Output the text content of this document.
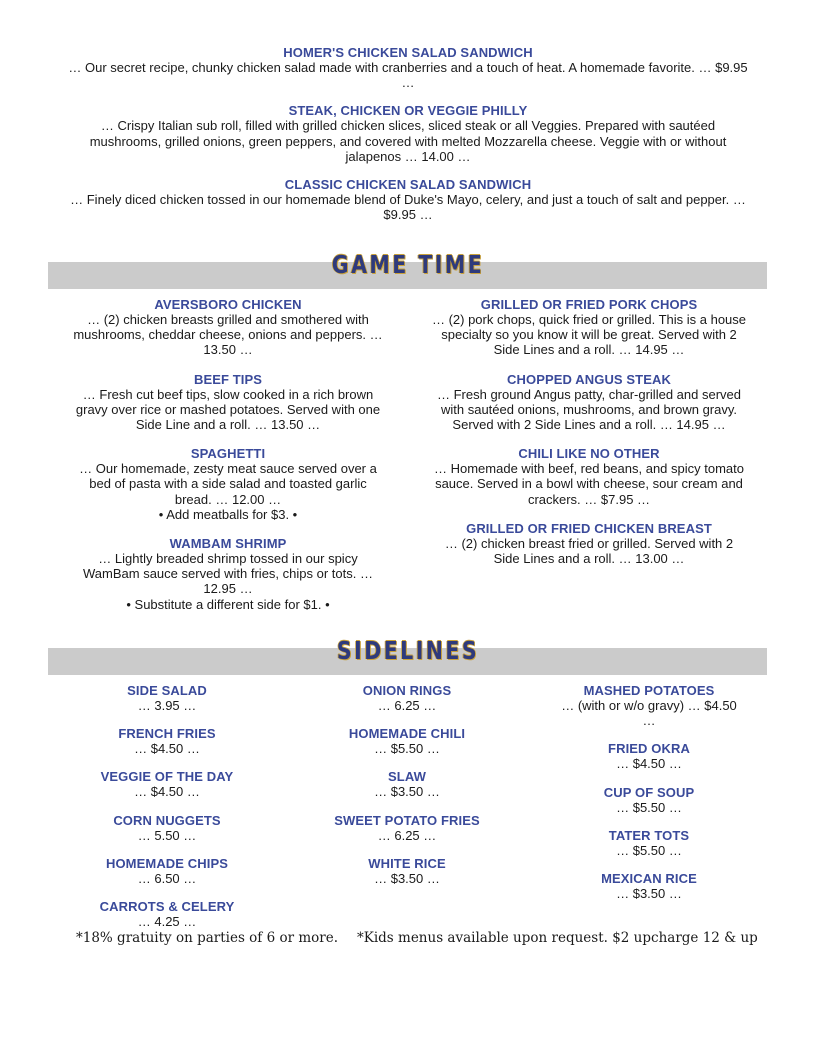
HOMER'S CHICKEN SALAD SANDWICH
… Our secret recipe, chunky chicken salad made with cranberries and a touch of heat. A homemade favorite. … $9.95 …
STEAK, CHICKEN OR VEGGIE PHILLY
… Crispy Italian sub roll, filled with grilled chicken slices, sliced steak or all Veggies. Prepared with sautéed mushrooms, grilled onions, green peppers, and covered with melted Mozzarella cheese. Veggie with or without jalapenos … 14.00 …
CLASSIC CHICKEN SALAD SANDWICH
… Finely diced chicken tossed in our homemade blend of Duke's Mayo, celery, and just a touch of salt and pepper. … $9.95 …
GAME TIME
AVERSBORO CHICKEN
… (2) chicken breasts grilled and smothered with mushrooms, cheddar cheese, onions and peppers. … 13.50 …
BEEF TIPS
… Fresh cut beef tips, slow cooked in a rich brown gravy over rice or mashed potatoes. Served with one Side Line and a roll. … 13.50 …
SPAGHETTI
… Our homemade, zesty meat sauce served over a bed of pasta with a side salad and toasted garlic bread. … 12.00 …
• Add meatballs for $3. •
WAMBAM SHRIMP
… Lightly breaded shrimp tossed in our spicy WamBam sauce served with fries, chips or tots. … 12.95 …
• Substitute a different side for $1. •
GRILLED OR FRIED PORK CHOPS
… (2) pork chops, quick fried or grilled. This is a house specialty so you know it will be great. Served with 2 Side Lines and a roll. … 14.95 …
CHOPPED ANGUS STEAK
… Fresh ground Angus patty, char-grilled and served with sautéed onions, mushrooms, and brown gravy. Served with 2 Side Lines and a roll. … 14.95 …
CHILI LIKE NO OTHER
… Homemade with beef, red beans, and spicy tomato sauce. Served in a bowl with cheese, sour cream and crackers. … $7.95 …
GRILLED OR FRIED CHICKEN BREAST
… (2) chicken breast fried or grilled. Served with 2 Side Lines and a roll. … 13.00 …
SIDELINES
SIDE SALAD
… 3.95 …
FRENCH FRIES
… $4.50 …
VEGGIE OF THE DAY
… $4.50 …
CORN NUGGETS
… 5.50 …
HOMEMADE CHIPS
… 6.50 …
CARROTS & CELERY
… 4.25 …
ONION RINGS
… 6.25 …
HOMEMADE CHILI
… $5.50 …
SLAW
… $3.50 …
SWEET POTATO FRIES
… 6.25 …
WHITE RICE
… $3.50 …
MASHED POTATOES
… (with or w/o gravy) … $4.50 …
FRIED OKRA
… $4.50 …
CUP OF SOUP
… $5.50 …
TATER TOTS
… $5.50 …
MEXICAN RICE
… $3.50 …
*18% gratuity on parties of 6 or more. *Kids menus available upon request. $2 upcharge 12 & up
